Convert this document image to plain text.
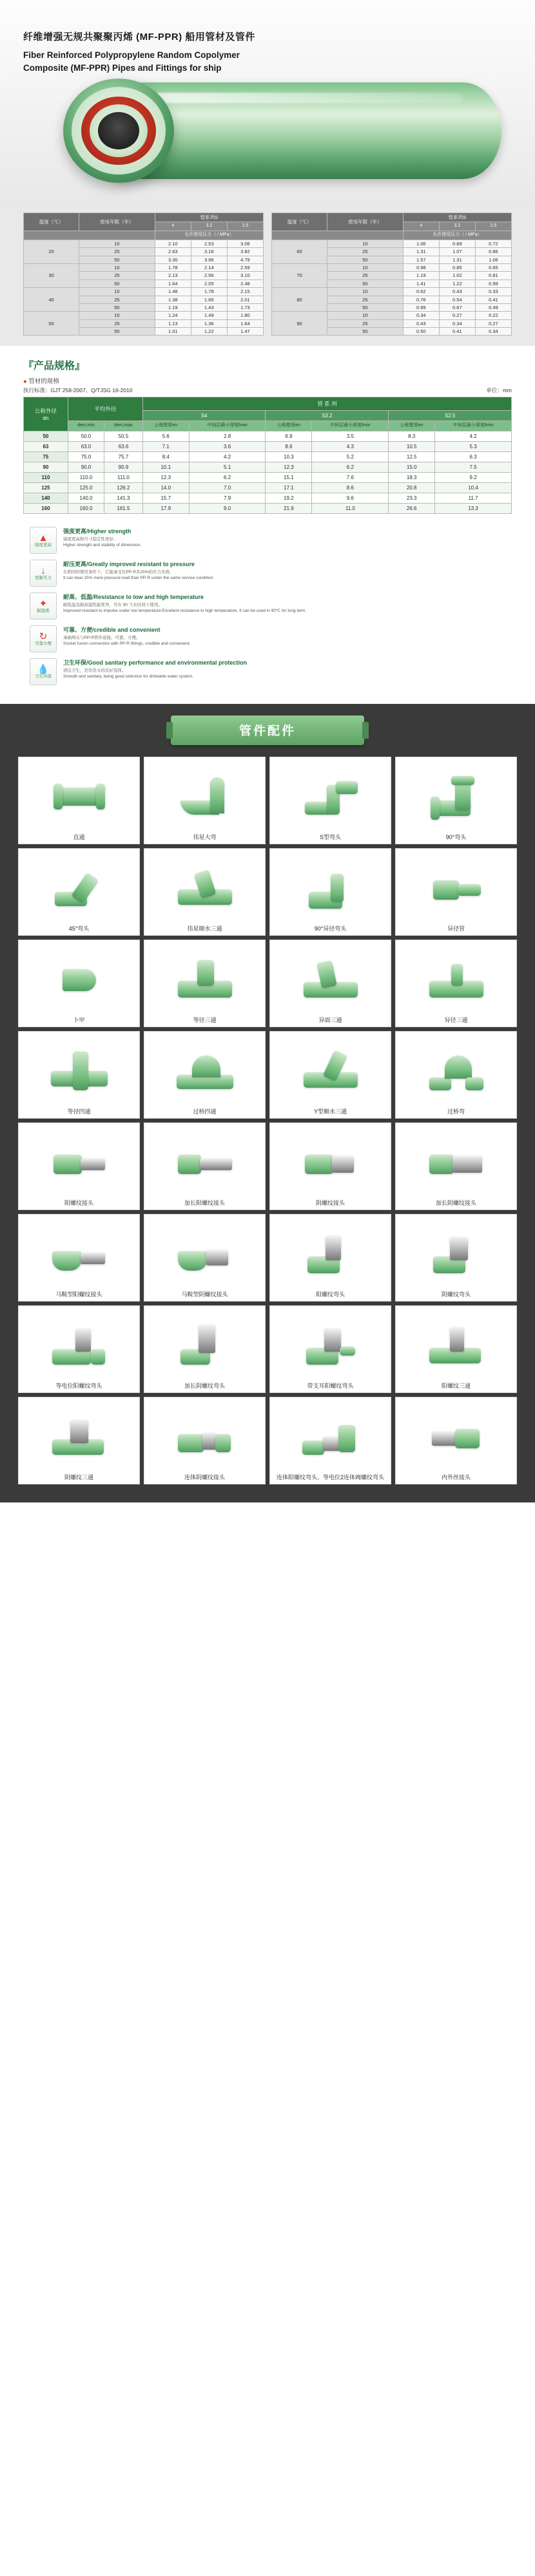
纤维增强无规共聚聚丙烯 (MF-PPR) 船用管材及管件
Fiber Reinforced Polypropylene Random Copolymer
Composite (MF-PPR) Pipes and Fittings for ship
温度（℃）	使用年限（年）	管系列S		
		4	3.2	2.5
		允许使用压力（ / MPa）		
20	10	2.10	2.53	3.06
	25	2.63	3.16	3.82
	50	3.30	3.96	4.79
30	10	1.78	2.14	2.59
	25	2.13	2.56	3.10
	50	1.64	2.05	2.48
40	10	1.48	1.78	2.15
	25	1.38	1.66	2.01
	50	1.19	1.43	1.73
50	10	1.24	1.49	1.80
	25	1.13	1.36	1.64
	50	1.01	1.22	1.47
温度（℃）	使用年限（年）	管系列S		
		4	3.2	2.5
		允许使用压力（ / MPa）		
60	10	1.06	0.89	0.72
	25	1.31	1.07	0.86
	50	1.57	1.31	1.06
70	10	0.98	0.85	0.65
	25	1.19	1.02	0.81
	50	1.41	1.22	0.99
80	10	0.62	0.43	0.33
	25	0.76	0.54	0.41
	50	0.99	0.67	0.49
90	10	0.34	0.27	0.22
	25	0.43	0.34	0.27
	50	0.50	0.41	0.34
『产品规格』
● 管材的规格
执行标准：GJT 258-2007、Q/TJSG 16-2010	单位：mm
公称外径
dn	平均外径		管 系 列					
			S4		S3.2		S2.5	
	dem,min	dem,max	公称壁厚en	中间层最小厚度fmin	公称壁厚en	中间层最小厚度fmin	公称壁厚en	中间层最小厚度fmin
50	50.0	50.5	5.6	2.8	6.9	3.5	8.3	4.2
63	63.0	63.6	7.1	3.6	8.6	4.3	10.5	5.3
75	75.0	75.7	8.4	4.2	10.3	5.2	12.5	6.3
90	90.0	90.9	10.1	5.1	12.3	6.2	15.0	7.5
110	110.0	111.0	12.3	6.2	15.1	7.6	18.3	9.2
125	125.0	126.2	14.0	7.0	17.1	8.6	20.8	10.4
140	140.0	141.3	15.7	7.9	19.2	9.6	23.3	11.7
160	160.0	161.5	17.9	9.0	21.9	11.0	26.6	13.3
▲
强度更高
强度更高/Higher strength
强度更高和尺寸稳定性更好。
Higher strength and stability of dimension.
↓
更耐压力
耐压更高/Greatly improved resistant to pressure
在相同的使用条件下，它能承受比PP-R多25%的压力负荷。
It can bear 25% more pressure load than PP-R under the same service condition.
✦
耐温度
耐高、低温/Resistance to low and high temperature
耐低温及耐高温性能优异，可在 90 ℃长时间下使用。
Improved resistant to impulse under low temperature;Excellent resistance to high temperature. It can be used in 90℃ for long term.
↻
可靠方便
可靠、方便/credible and convenient
承插焊在与PP-R管件连接，可靠、方便。
Socket fusion connection with PP-R fittings, credible and convenient.
💧
卫生环保
卫生环保/Good sanitary performance and environmental protection
清洁卫生，是饮用水的良好选择。
Smooth and sanitary, being good selection for drinkable water system.
管件配件
直通	伟星大弯	S型弯头	90°弯头
45°弯头	伟星顺水三通	90°异径弯头	异径管
卜甲	等径三通	异面三通	异径三通
等径四通	过桥四通	Y型顺水三通	过桥弯
阳螺纹接头	加长阳螺纹接头	阴螺纹接头	加长阴螺纹接头
马鞍型阳螺纹接头	马鞍型阴螺纹接头	阳螺纹弯头	阴螺纹弯头
等电位阳螺纹弯头	加长阴螺纹弯头	带支耳阳螺纹弯头	阳螺纹三通
阴螺纹三通	连体阴螺纹接头	连体阳螺纹弯头、等电位2连体阀螺纹弯头	内外丝接头
